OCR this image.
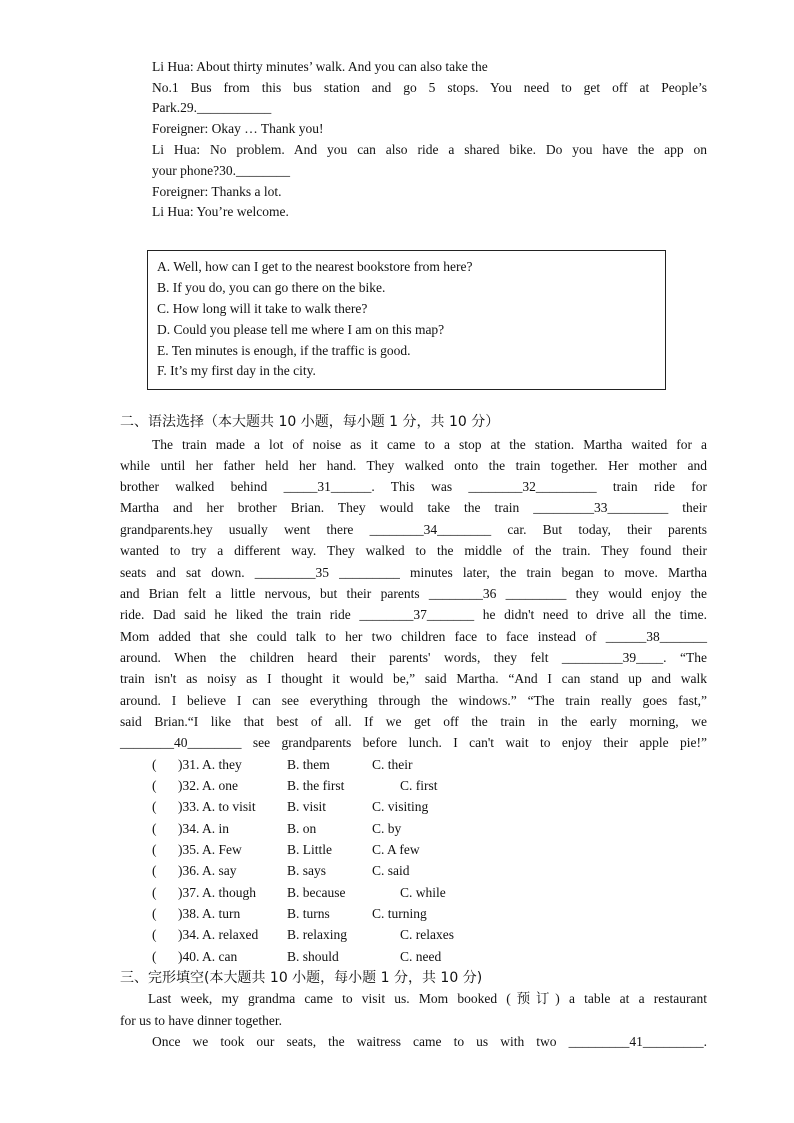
Li Hua: About thirty minutes’ walk. And you can also take the
No.1 Bus from this bus station and go 5 stops. You need to get off at People’s
Park.29.___________
Foreigner: Okay … Thank you!
Li Hua: No problem. And you can also ride a shared bike. Do you have the app on
your phone?30.________
Foreigner: Thanks a lot.
Li Hua: You’re welcome.
A. Well, how can I get to the nearest bookstore from here?
B. If you do, you can go there on the bike.
C. How long will it take to walk there?
D. Could you please tell me where I am on this map?
E. Ten minutes is enough, if the traffic is good.
F. It’s my first day in the city.
二、语法选择（本大题共 10 小题，每小题 1 分，共 10 分）
The train made a lot of noise as it came to a stop at the station. Martha waited for a
while until her father held her hand. They walked onto the train together. Her mother and
brother walked behind _____31______. This was ________32_________ train ride for
Martha and her brother Brian. They would take the train _________33_________ their
grandparents.hey usually went there ________34________ car. But today, their parents
wanted to try a different way. They walked to the middle of the train. They found their
seats and sat down. _________35 _________ minutes later, the train began to move. Martha
and Brian felt a little nervous, but their parents ________36 _________ they would enjoy the
ride. Dad said he liked the train ride ________37_______ he didn't need to drive all the time.
Mom added that she could talk to her two children face to face instead of ______38_______
around. When the children heard their parents' words, they felt _________39____. “The
train isn't as noisy as I thought it would be,” said Martha. “And I can stand up and walk
around. I believe I can see everything through the windows.” “The train really goes fast,”
said Brian.“I like that best of all. If we get off the train in the early morning, we
________40________ see grandparents before lunch. I can't wait to enjoy their apple pie!”
( )31. A. they	B. them	C. their
( )32. A. one	B. the first	C. first
( )33. A. to visit B. visit	C. visiting
( )34. A. in	B. on	C. by
( )35. A. Few	B. Little	C. A few
( )36. A. say	B. says	C. said
( )37. A. though B. because	C. while
( )38. A. turn	B. turns	C. turning
( )34. A. relaxed B. relaxing	C. relaxes
( )40. A. can	B. should	C. need
三、完形填空(本大题共 10 小题，每小题 1 分，共 10 分)
Last week, my grandma came to visit us. Mom booked (预订) a table at a restaurant
for us to have dinner together.
Once we took our seats, the waitress came to us with two _________41_________.
